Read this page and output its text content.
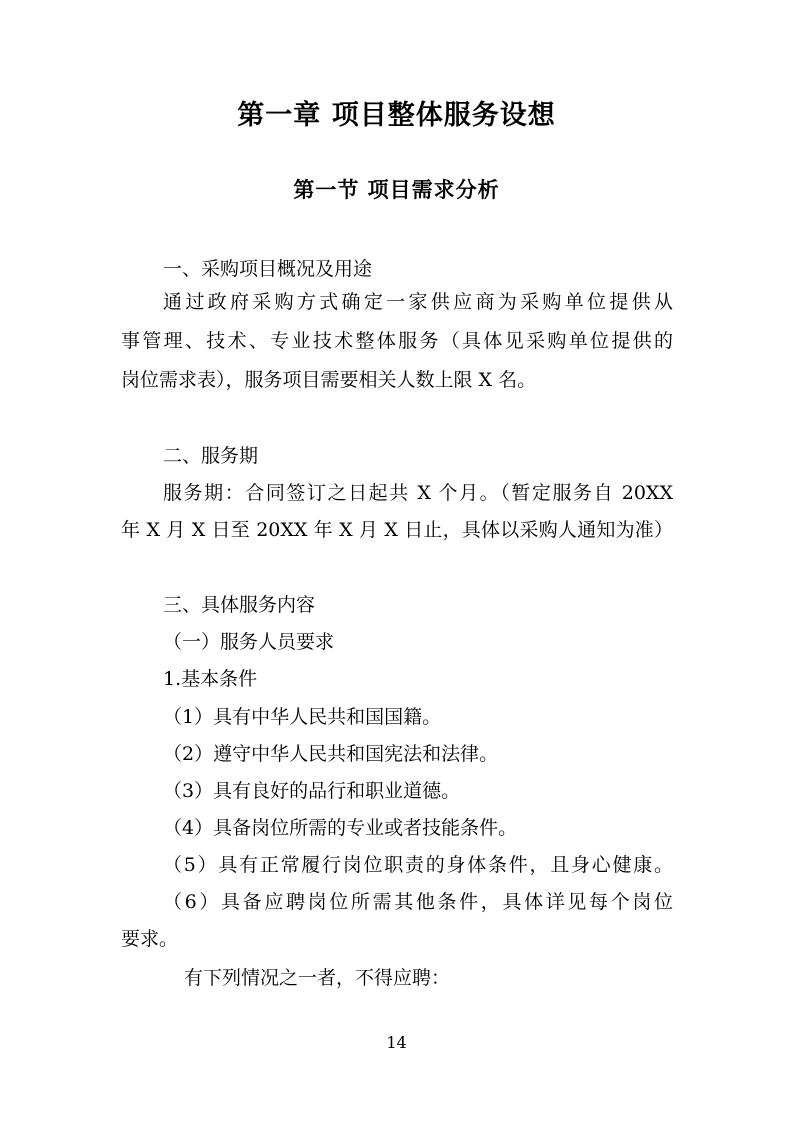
第一章 项目整体服务设想
第一节 项目需求分析
一、采购项目概况及用途
通过政府采购方式确定一家供应商为采购单位提供从
事管理、技术、专业技术整体服务（具体见采购单位提供的
岗位需求表），服务项目需要相关人数上限 X 名。
二、服务期
服务期：合同签订之日起共 X 个月。（暂定服务自 20XX
年 X 月 X 日至 20XX 年 X 月 X 日止，具体以采购人通知为准）
三、具体服务内容
（一）服务人员要求
1.基本条件
（1）具有中华人民共和国国籍。
（2）遵守中华人民共和国宪法和法律。
（3）具有良好的品行和职业道德。
（4）具备岗位所需的专业或者技能条件。
（5）具有正常履行岗位职责的身体条件，且身心健康。
（6）具备应聘岗位所需其他条件，具体详见每个岗位
要求。
有下列情况之一者，不得应聘：
14
